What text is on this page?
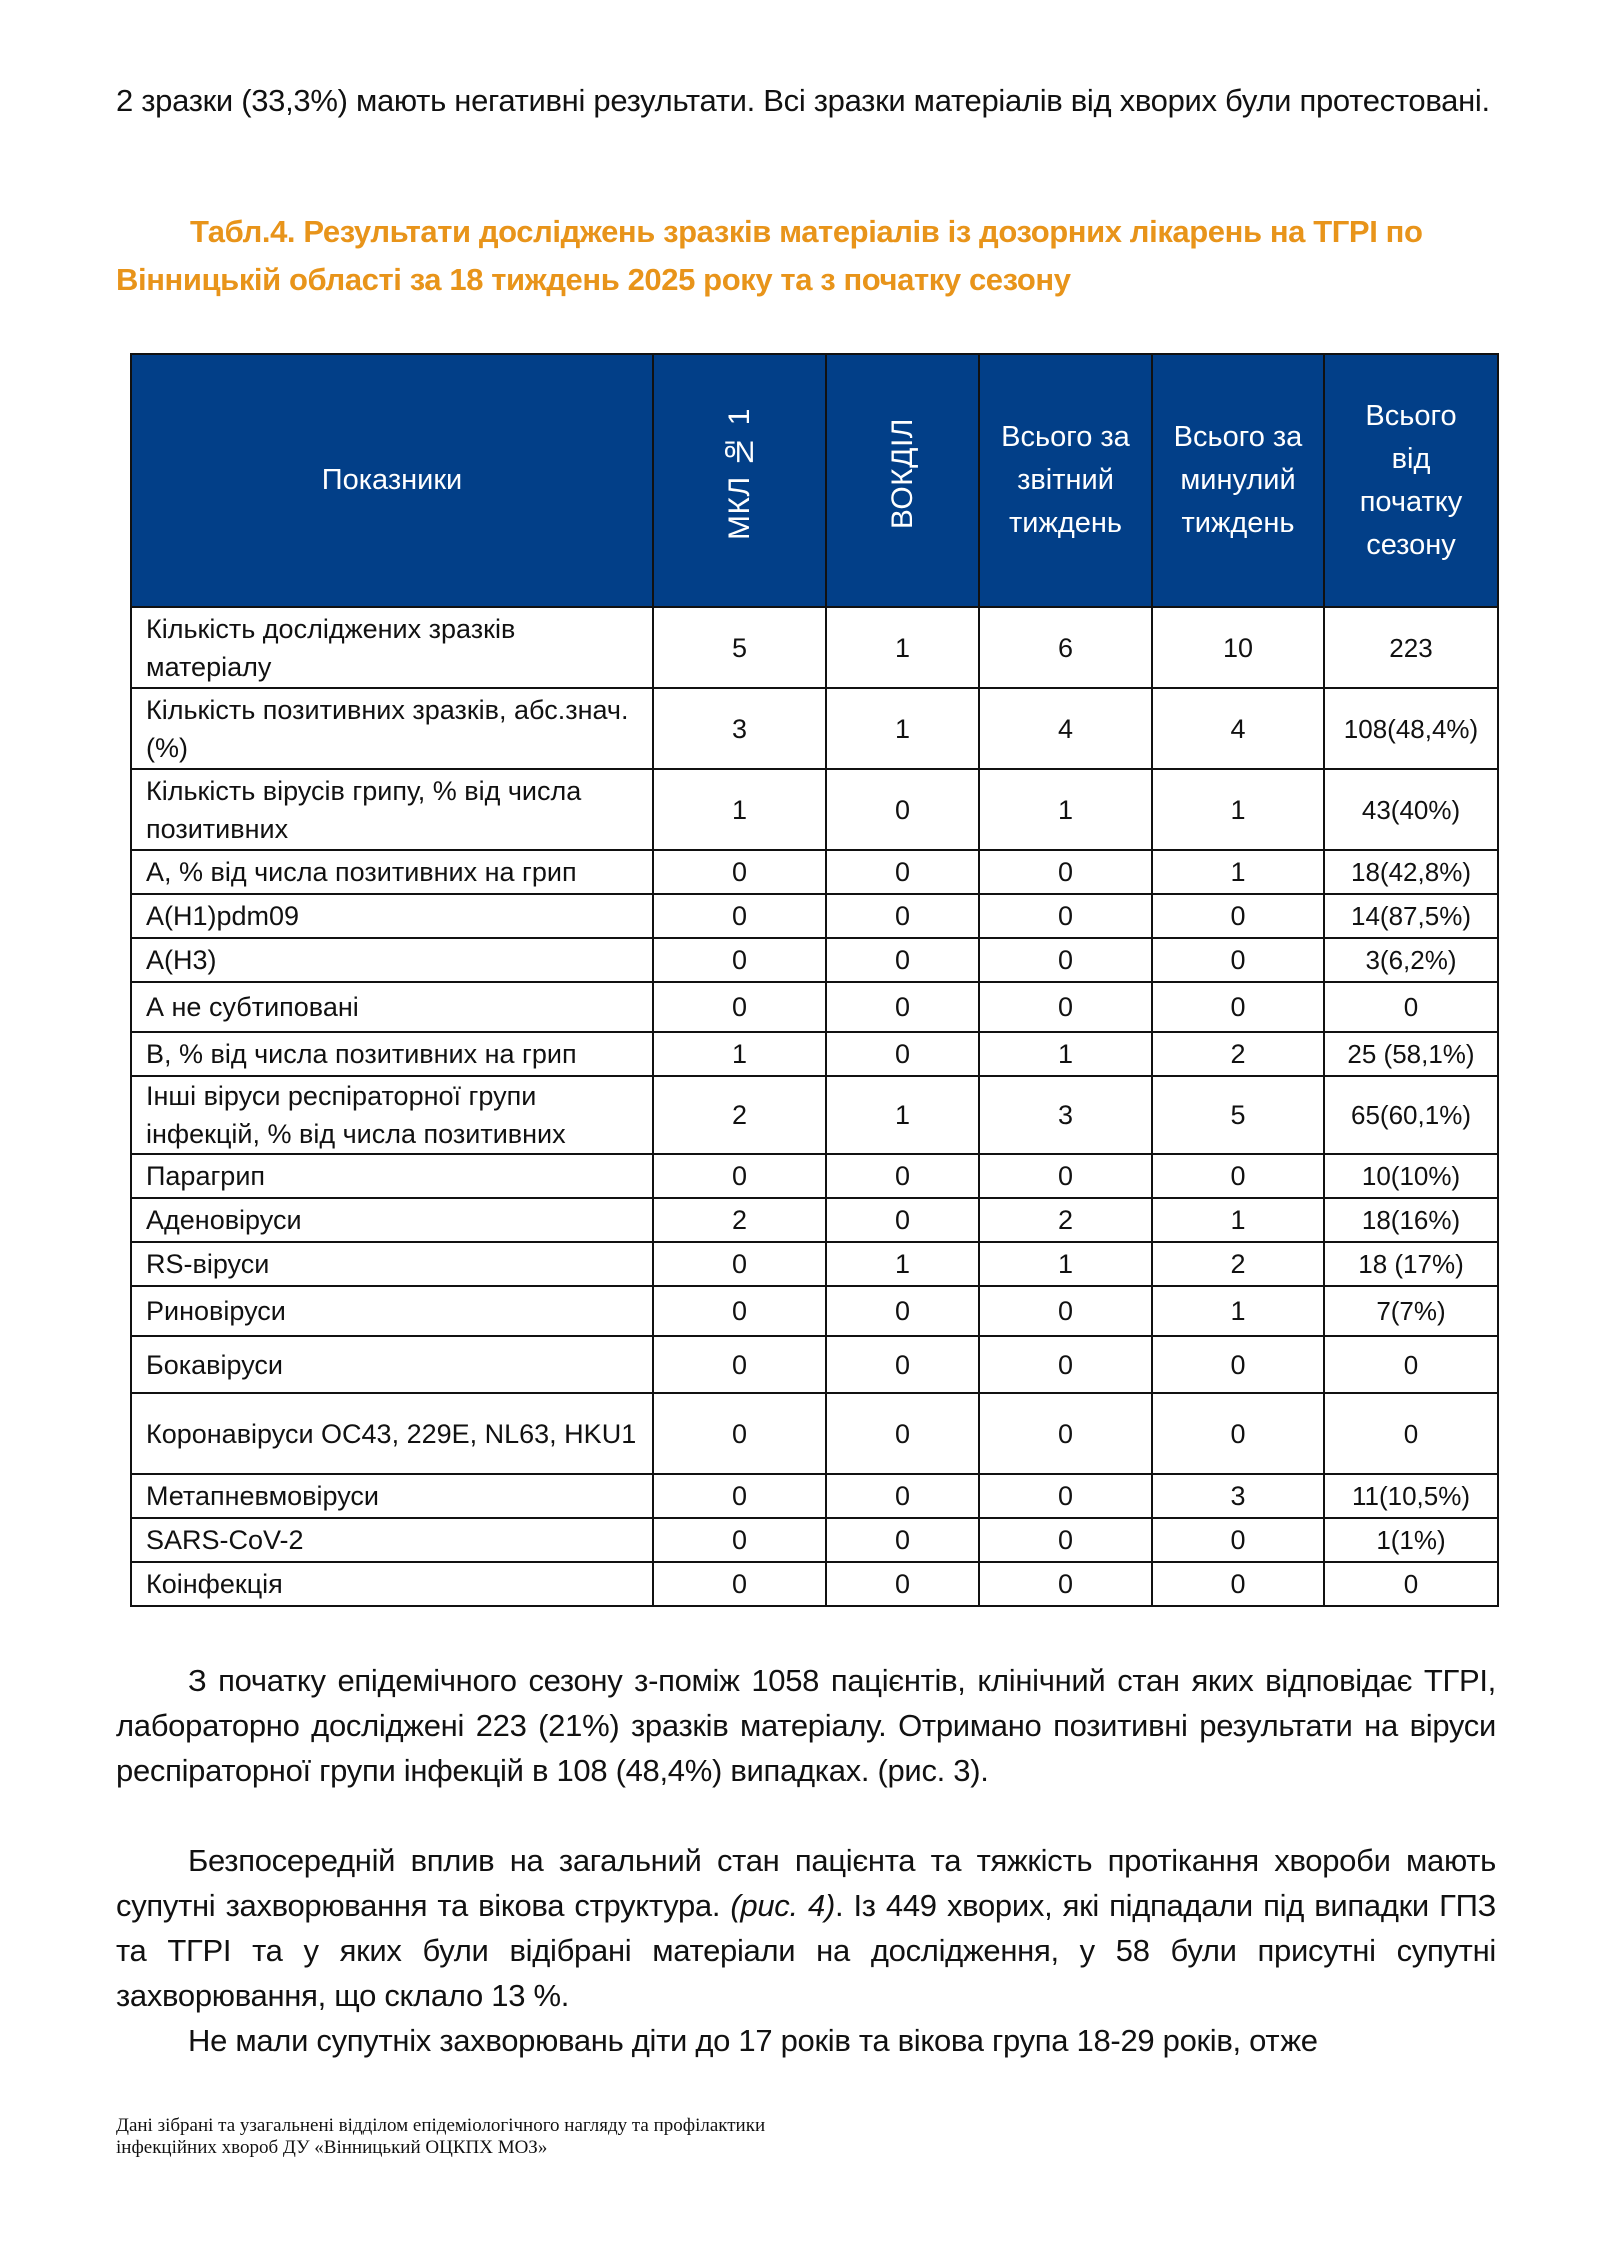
2 зразки (33,3%) мають негативні результати. Всі зразки матеріалів від хворих були протестовані.
Табл.4. Результати досліджень зразків матеріалів із дозорних лікарень на ТГРІ по Вінницькій області за 18 тиждень 2025 року та з початку сезону
Показники	МКЛ № 1	ВОКДІЛ	Всього за звітний тиждень	Всього за минулий тиждень	Всього від початку сезону
Кількість досліджених зразків матеріалу	5	1	6	10	223
Кількість позитивних зразків, абс.знач. (%)	3	1	4	4	108(48,4%)
Кількість вірусів грипу, % від числа позитивних	1	0	1	1	43(40%)
А, % від числа позитивних на грип	0	0	0	1	18(42,8%)
А(H1)pdm09	0	0	0	0	14(87,5%)
А(H3)	0	0	0	0	3(6,2%)
А не субтиповані	0	0	0	0	0
В, % від числа позитивних на грип	1	0	1	2	25 (58,1%)
Інші віруси респіраторної групи інфекцій, % від числа позитивних	2	1	3	5	65(60,1%)
Парагрип	0	0	0	0	10(10%)
Аденовіруси	2	0	2	1	18(16%)
RS-віруси	0	1	1	2	18 (17%)
Риновіруси	0	0	0	1	7(7%)
Бокавіруси	0	0	0	0	0
Коронавіруси OC43, 229E, NL63, HKU1	0	0	0	0	0
Метапневмовіруси	0	0	0	3	11(10,5%)
SARS-CoV-2	0	0	0	0	1(1%)
Коінфекція	0	0	0	0	0
З початку епідемічного сезону з-поміж 1058 пацієнтів, клінічний стан яких відповідає ТГРІ, лабораторно досліджені 223 (21%) зразків матеріалу. Отримано позитивні результати на віруси респіраторної групи інфекцій в 108 (48,4%) випадках. (рис. 3).
Безпосередній вплив на загальний стан пацієнта та тяжкість протікання хвороби мають супутні захворювання та вікова структура. (рис. 4). Із 449 хворих, які підпадали під випадки ГПЗ та ТГРІ та у яких були відібрані матеріали на дослідження, у 58 були присутні супутні захворювання, що склало 13 %.
Не мали супутніх захворювань діти до 17 років та вікова група 18-29 років, отже
Дані зібрані та узагальнені відділом епідеміологічного нагляду та профілактики
інфекційних хвороб ДУ «Вінницький ОЦКПХ МОЗ»
